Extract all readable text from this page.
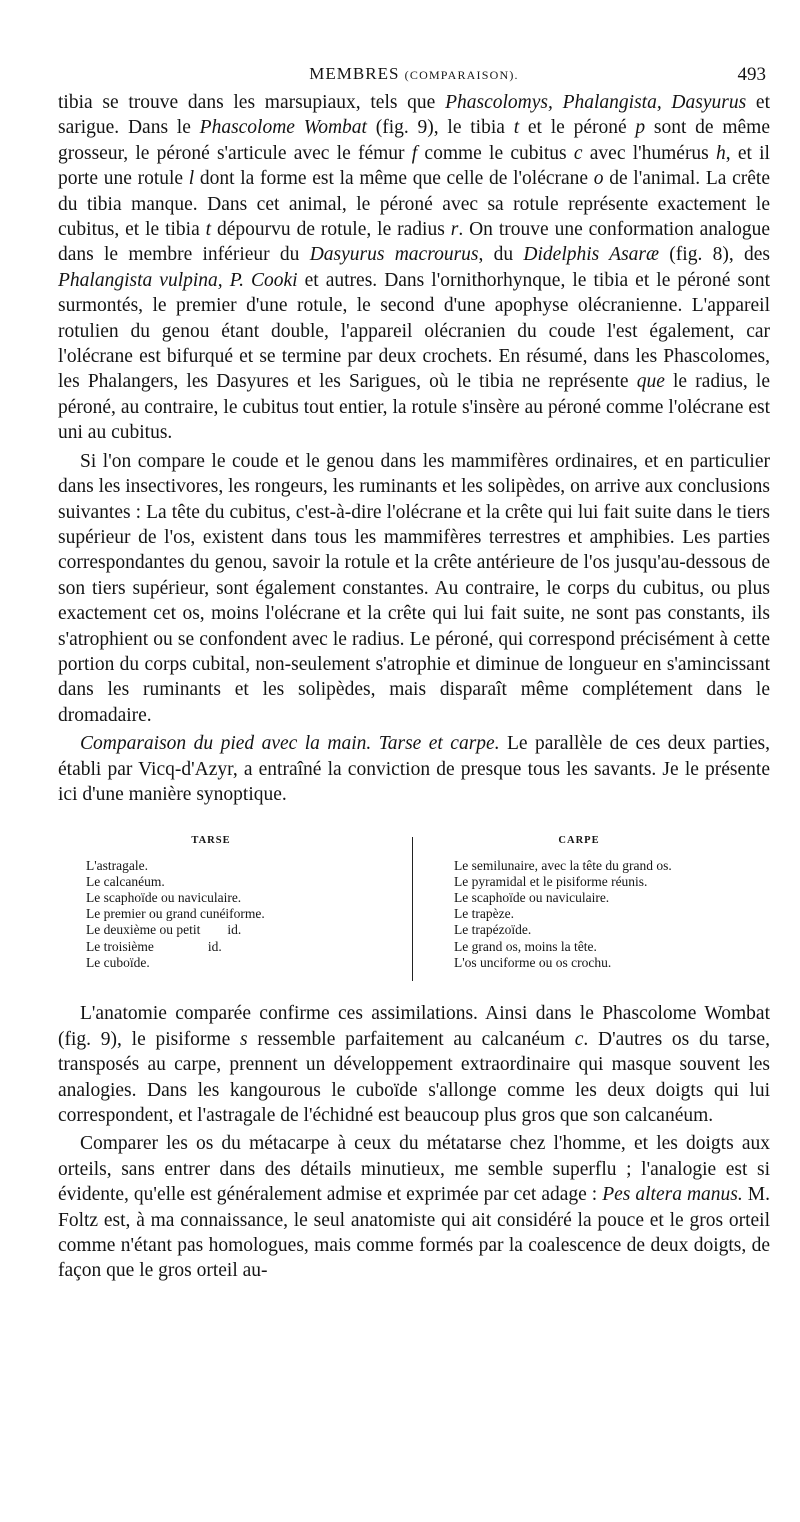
MEMBRES (COMPARAISON).	493

tibia se trouve dans les marsupiaux, tels que Phascolomys, Phalangista, Dasyurus et sarigue. Dans le Phascolome Wombat (fig. 9), le tibia t et le péroné p sont de même grosseur, le péroné s'articule avec le fémur f comme le cubitus c avec l'humérus h, et il porte une rotule l dont la forme est la même que celle de l'olécrane o de l'animal. La crête du tibia manque. Dans cet animal, le péroné avec sa rotule représente exactement le cubitus, et le tibia t dépourvu de rotule, le radius r. On trouve une conformation analogue dans le membre inférieur du Dasyurus macrourus, du Didelphis Asaræ (fig. 8), des Phalangista vulpina, P. Cooki et autres. Dans l'ornithorhynque, le tibia et le péroné sont surmontés, le premier d'une rotule, le second d'une apophyse olécranienne. L'appareil rotulien du genou étant double, l'appareil olécranien du coude l'est également, car l'olécrane est bifurqué et se termine par deux crochets. En résumé, dans les Phascolomes, les Phalangers, les Dasyures et les Sarigues, où le tibia ne représente que le radius, le péroné, au contraire, le cubitus tout entier, la rotule s'insère au péroné comme l'olécrane est uni au cubitus.

Si l'on compare le coude et le genou dans les mammifères ordinaires, et en particulier dans les insectivores, les rongeurs, les ruminants et les solipèdes, on arrive aux conclusions suivantes : La tête du cubitus, c'est-à-dire l'olécrane et la crête qui lui fait suite dans le tiers supérieur de l'os, existent dans tous les mammifères terrestres et amphibies. Les parties correspondantes du genou, savoir la rotule et la crête antérieure de l'os jusqu'au-dessous de son tiers supérieur, sont également constantes. Au contraire, le corps du cubitus, ou plus exactement cet os, moins l'olécrane et la crête qui lui fait suite, ne sont pas constants, ils s'atrophient ou se confondent avec le radius. Le péroné, qui correspond précisément à cette portion du corps cubital, non-seulement s'atrophie et diminue de longueur en s'amincissant dans les ruminants et les solipèdes, mais disparaît même complétement dans le dromadaire.

Comparaison du pied avec la main. Tarse et carpe. Le parallèle de ces deux parties, établi par Vicq-d'Azyr, a entraîné la conviction de presque tous les savants. Je le présente ici d'une manière synoptique.

TARSE
L'astragale.
Le calcanéum.
Le scaphoïde ou naviculaire.
Le premier ou grand cunéiforme.
Le deuxième ou petit        id.
Le troisième                id.
Le cuboïde.
CARPE
Le semilunaire, avec la tête du grand os.
Le pyramidal et le pisiforme réunis.
Le scaphoïde ou naviculaire.
Le trapèze.
Le trapézoïde.
Le grand os, moins la tête.
L'os unciforme ou os crochu.

L'anatomie comparée confirme ces assimilations. Ainsi dans le Phascolome Wombat (fig. 9), le pisiforme s ressemble parfaitement au calcanéum c. D'autres os du tarse, transposés au carpe, prennent un développement extraordinaire qui masque souvent les analogies. Dans les kangourous le cuboïde s'allonge comme les deux doigts qui lui correspondent, et l'astragale de l'échidné est beaucoup plus gros que son calcanéum.

Comparer les os du métacarpe à ceux du métatarse chez l'homme, et les doigts aux orteils, sans entrer dans des détails minutieux, me semble superflu ; l'analogie est si évidente, qu'elle est généralement admise et exprimée par cet adage : Pes altera manus. M. Foltz est, à ma connaissance, le seul anatomiste qui ait considéré la pouce et le gros orteil comme n'étant pas homologues, mais comme formés par la coalescence de deux doigts, de façon que le gros orteil au-
